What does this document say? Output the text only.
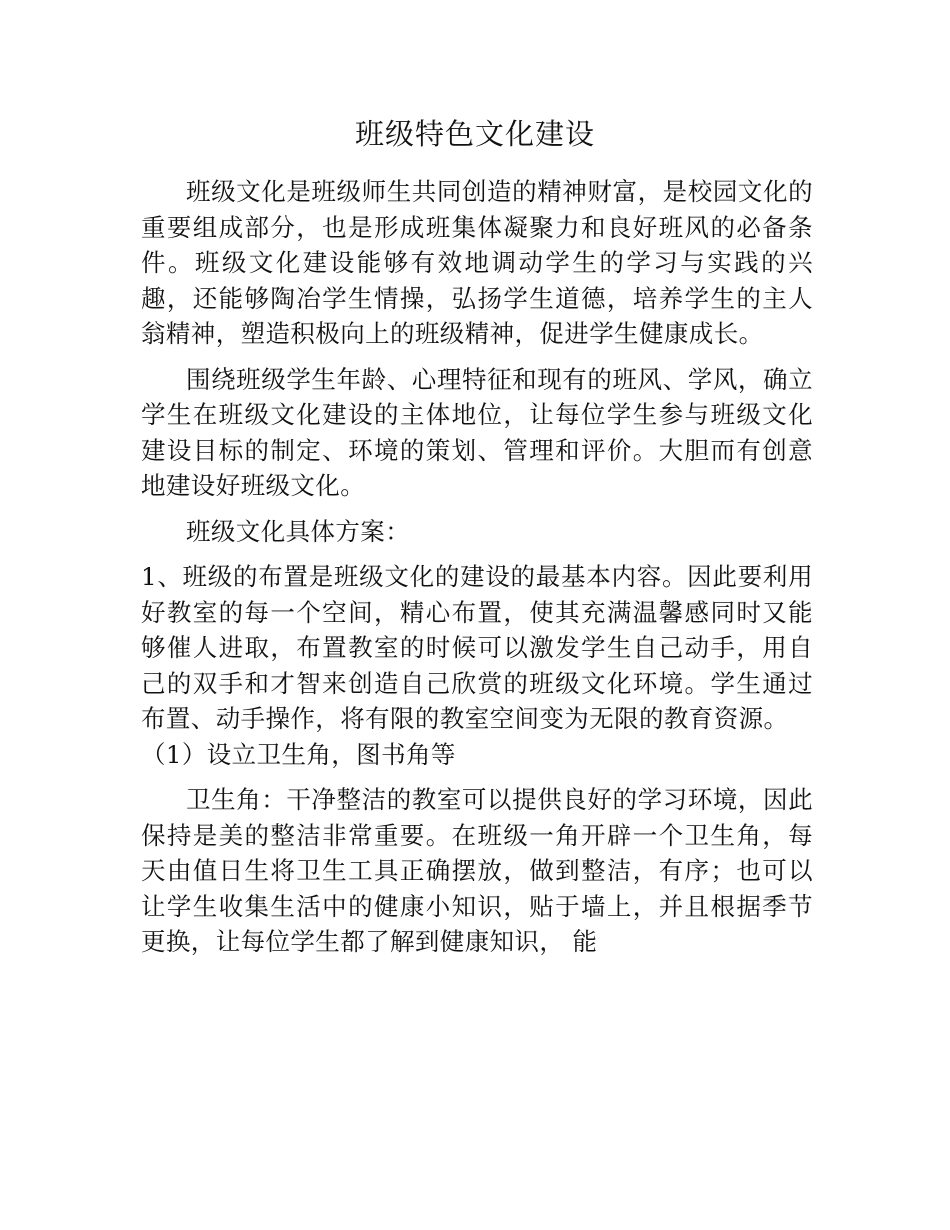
班级特色文化建设

班级文化是班级师生共同创造的精神财富，是校园文化的重要组成部分，也是形成班集体凝聚力和良好班风的必备条件。班级文化建设能够有效地调动学生的学习与实践的兴趣，还能够陶冶学生情操，弘扬学生道德，培养学生的主人翁精神，塑造积极向上的班级精神，促进学生健康成长。

围绕班级学生年龄、心理特征和现有的班风、学风，确立学生在班级文化建设的主体地位，让每位学生参与班级文化建设目标的制定、环境的策划、管理和评价。大胆而有创意地建设好班级文化。

班级文化具体方案：

1、班级的布置是班级文化的建设的最基本内容。因此要利用好教室的每一个空间，精心布置，使其充满温馨感同时又能够催人进取，布置教室的时候可以激发学生自己动手，用自己的双手和才智来创造自己欣赏的班级文化环境。学生通过布置、动手操作，将有限的教室空间变为无限的教育资源。

（1）设立卫生角，图书角等

卫生角：干净整洁的教室可以提供良好的学习环境，因此保持是美的整洁非常重要。在班级一角开辟一个卫生角，每天由值日生将卫生工具正确摆放，做到整洁，有序；也可以让学生收集生活中的健康小知识，贴于墙上，并且根据季节更换，让每位学生都了解到健康知识， 能
